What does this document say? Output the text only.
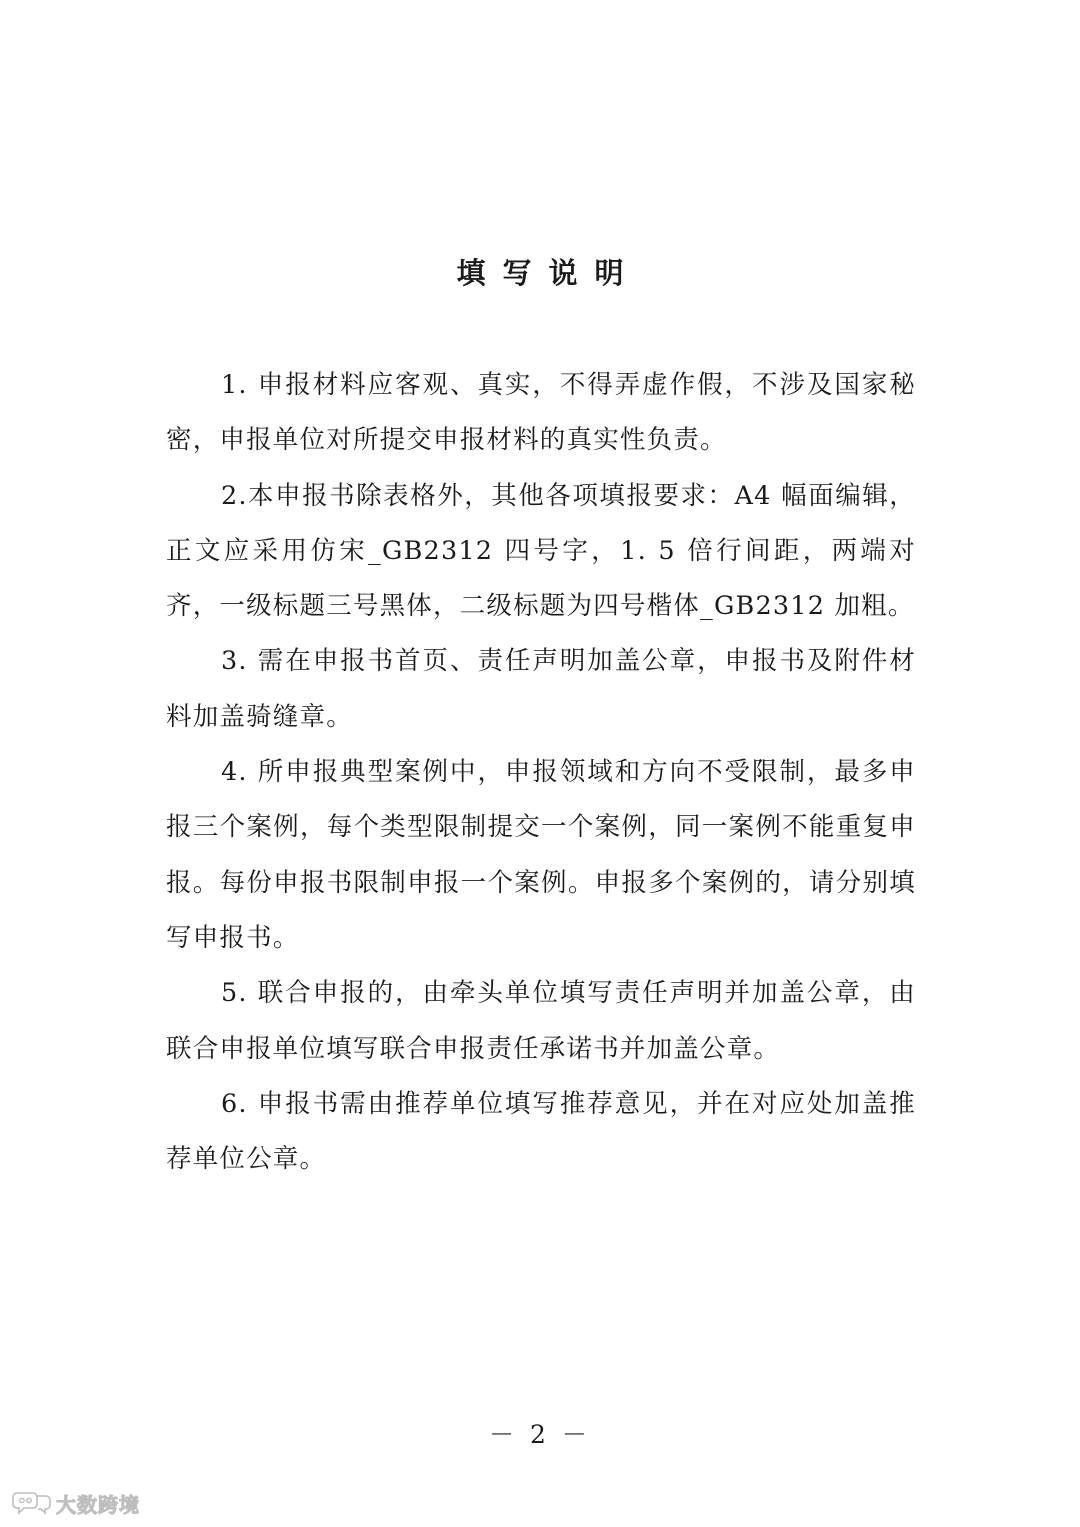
填写说明

1. 申报材料应客观、真实，不得弄虚作假，不涉及国家秘密，申报单位对所提交申报材料的真实性负责。

2.本申报书除表格外，其他各项填报要求：A4 幅面编辑，正文应采用仿宋_GB2312 四号字，1. 5 倍行间距，两端对齐，一级标题三号黑体，二级标题为四号楷体_GB2312 加粗。

3. 需在申报书首页、责任声明加盖公章，申报书及附件材料加盖骑缝章。

4. 所申报典型案例中，申报领域和方向不受限制，最多申报三个案例，每个类型限制提交一个案例，同一案例不能重复申报。每份申报书限制申报一个案例。申报多个案例的，请分别填写申报书。

5. 联合申报的，由牵头单位填写责任声明并加盖公章，由联合申报单位填写联合申报责任承诺书并加盖公章。

6. 申报书需由推荐单位填写推荐意见，并在对应处加盖推荐单位公章。

－ 2 －
大数跨境
